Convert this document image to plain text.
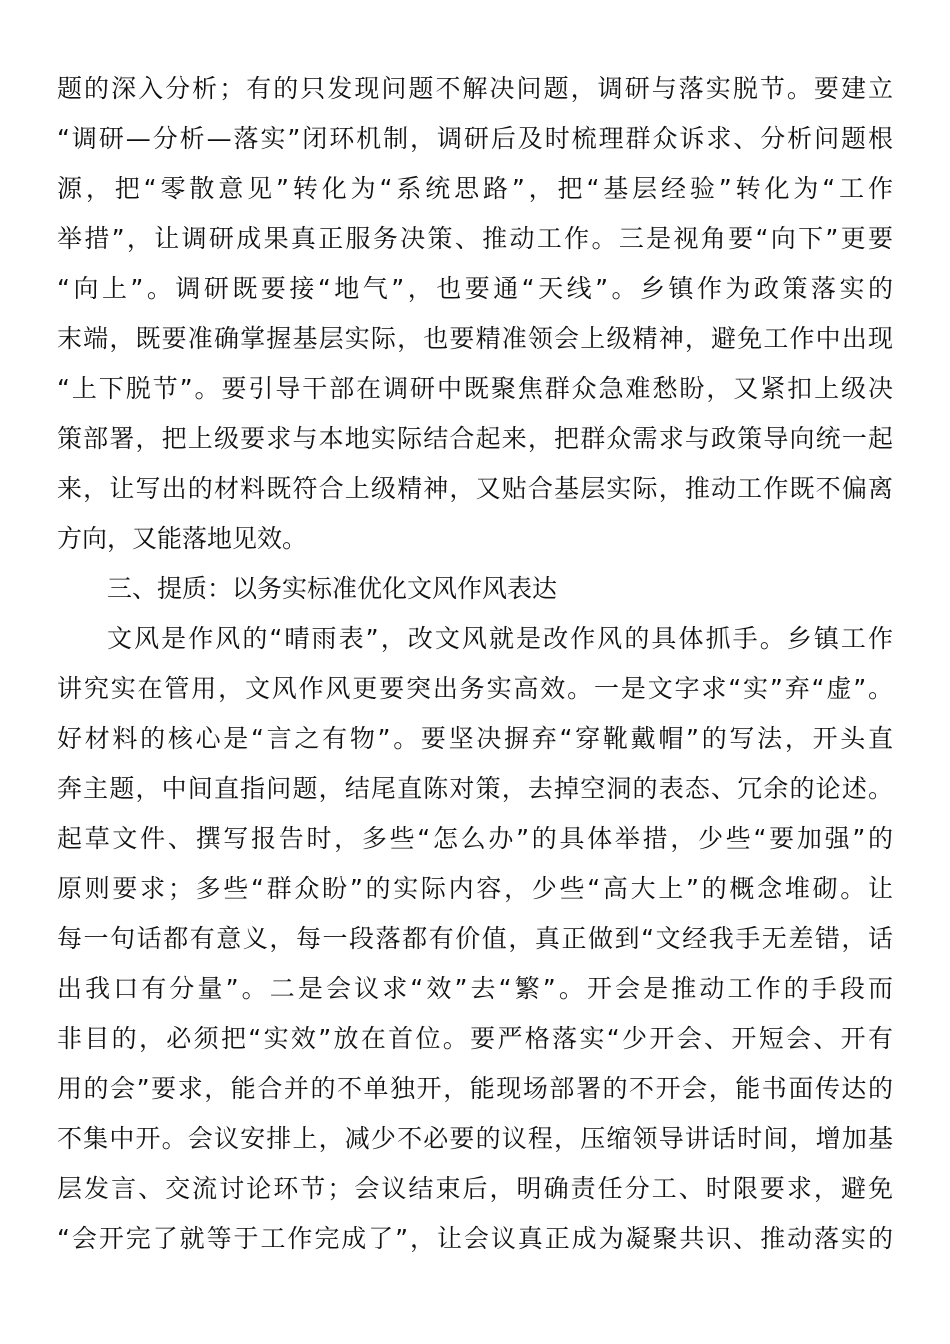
题的深入分析；有的只发现问题不解决问题，调研与落实脱节。要建立
“调研—分析—落实”闭环机制，调研后及时梳理群众诉求、分析问题根
源，把“零散意见”转化为“系统思路”，把“基层经验”转化为“工作
举措”，让调研成果真正服务决策、推动工作。三是视角要“向下”更要
“向上”。调研既要接“地气”，也要通“天线”。乡镇作为政策落实的
末端，既要准确掌握基层实际，也要精准领会上级精神，避免工作中出现
“上下脱节”。要引导干部在调研中既聚焦群众急难愁盼，又紧扣上级决
策部署，把上级要求与本地实际结合起来，把群众需求与政策导向统一起
来，让写出的材料既符合上级精神，又贴合基层实际，推动工作既不偏离
方向，又能落地见效。
三、提质：以务实标准优化文风作风表达
文风是作风的“晴雨表”，改文风就是改作风的具体抓手。乡镇工作
讲究实在管用，文风作风更要突出务实高效。一是文字求“实”弃“虚”。
好材料的核心是“言之有物”。要坚决摒弃“穿靴戴帽”的写法，开头直
奔主题，中间直指问题，结尾直陈对策，去掉空洞的表态、冗余的论述。
起草文件、撰写报告时，多些“怎么办”的具体举措，少些“要加强”的
原则要求；多些“群众盼”的实际内容，少些“高大上”的概念堆砌。让
每一句话都有意义，每一段落都有价值，真正做到“文经我手无差错，话
出我口有分量”。二是会议求“效”去“繁”。开会是推动工作的手段而
非目的，必须把“实效”放在首位。要严格落实“少开会、开短会、开有
用的会”要求，能合并的不单独开，能现场部署的不开会，能书面传达的
不集中开。会议安排上，减少不必要的议程，压缩领导讲话时间，增加基
层发言、交流讨论环节；会议结束后，明确责任分工、时限要求，避免
“会开完了就等于工作完成了”，让会议真正成为凝聚共识、推动落实的
